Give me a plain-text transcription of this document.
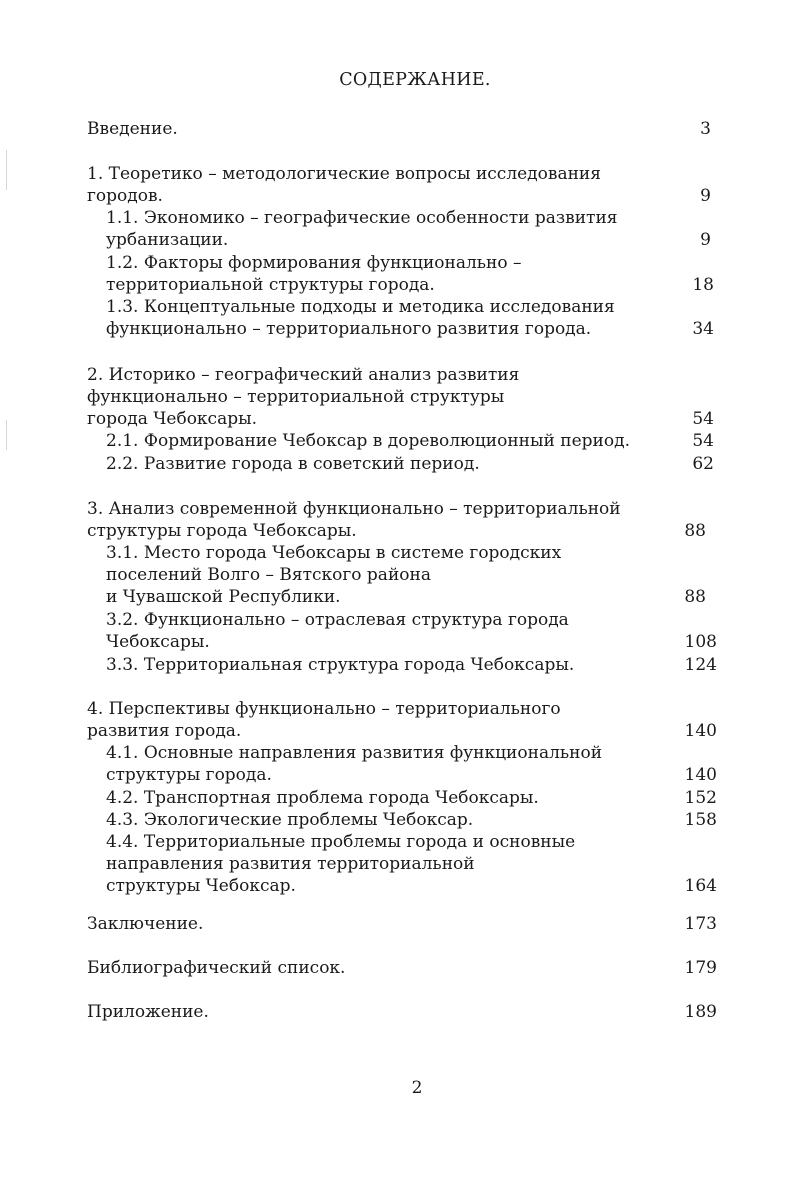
СОДЕРЖАНИЕ.
Введение.	3
1. Теоретико – методологические вопросы исследования
городов.	9
1.1. Экономико – географические особенности развития
урбанизации.	9
1.2. Факторы формирования функционально –
территориальной структуры города.	18
1.3. Концептуальные подходы и методика исследования
функционально – территориального развития города.	34
2. Историко – географический анализ развития
функционально – территориальной структуры
города Чебоксары.	54
2.1. Формирование Чебоксар в дореволюционный период.	54
2.2. Развитие города в советский период.	62
3. Анализ современной функционально – территориальной
структуры города Чебоксары.	88
3.1. Место города Чебоксары в системе городских
поселений Волго – Вятского района
и Чувашской Республики.	88
3.2. Функционально – отраслевая структура города
Чебоксары.	108
3.3. Территориальная структура города Чебоксары.	124
4. Перспективы функционально – территориального
развития города.	140
4.1. Основные направления развития функциональной
структуры города.	140
4.2. Транспортная проблема города Чебоксары.	152
4.3. Экологические проблемы Чебоксар.	158
4.4. Территориальные проблемы города и основные
направления развития территориальной
структуры Чебоксар.	164
Заключение.	173
Библиографический список.	179
Приложение.	189
2
